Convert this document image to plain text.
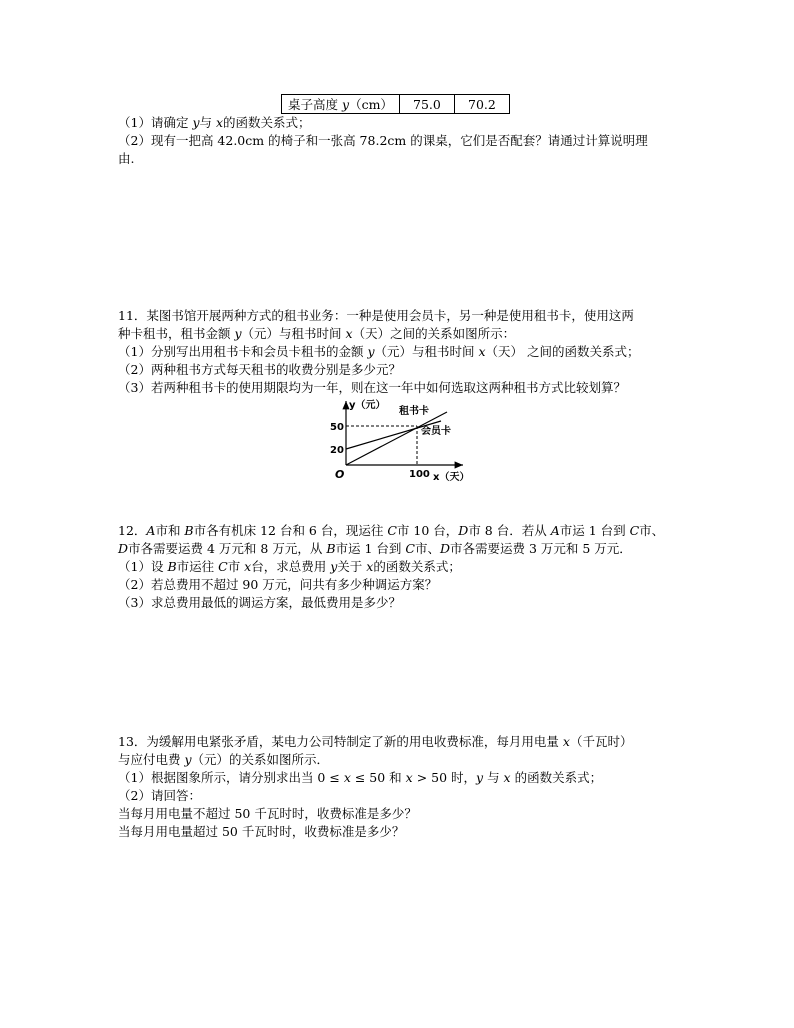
桌子高度 y（cm）	75.0	70.2
（1）请确定 y与 x的函数关系式；
（2）现有一把高 42.0cm 的椅子和一张高 78.2cm 的课桌，它们是否配套？请通过计算说明理
由.
11．某图书馆开展两种方式的租书业务：一种是使用会员卡，另一种是使用租书卡，使用这两
种卡租书，租书金额 y（元）与租书时间 x（天）之间的关系如图所示：
（1）分别写出用租书卡和会员卡租书的金额 y（元）与租书时间 x（天） 之间的函数关系式；
（2）两种租书方式每天租书的收费分别是多少元？
（3）若两种租书卡的使用期限均为一年，则在这一年中如何选取这两种租书方式比较划算？
y（元）
x（天）
O
50
20
100
租书卡
会员卡
12．A市和 B市各有机床 12 台和 6 台，现运往 C市 10 台，D市 8 台．若从 A市运 1 台到 C市、
D市各需要运费 4 万元和 8 万元，从 B市运 1 台到 C市、D市各需要运费 3 万元和 5 万元．
（1）设 B市运往 C市 x台，求总费用 y关于 x的函数关系式；
（2）若总费用不超过 90 万元，问共有多少种调运方案？
（3）求总费用最低的调运方案，最低费用是多少？
13．为缓解用电紧张矛盾，某电力公司特制定了新的用电收费标准，每月用电量 x（千瓦时）
与应付电费 y（元）的关系如图所示．
（1）根据图象所示，请分别求出当 0 ≤ x ≤ 50 和 x > 50 时，y 与 x 的函数关系式；
（2）请回答：
当每月用电量不超过 50 千瓦时时，收费标准是多少？
当每月用电量超过 50 千瓦时时，收费标准是多少？
